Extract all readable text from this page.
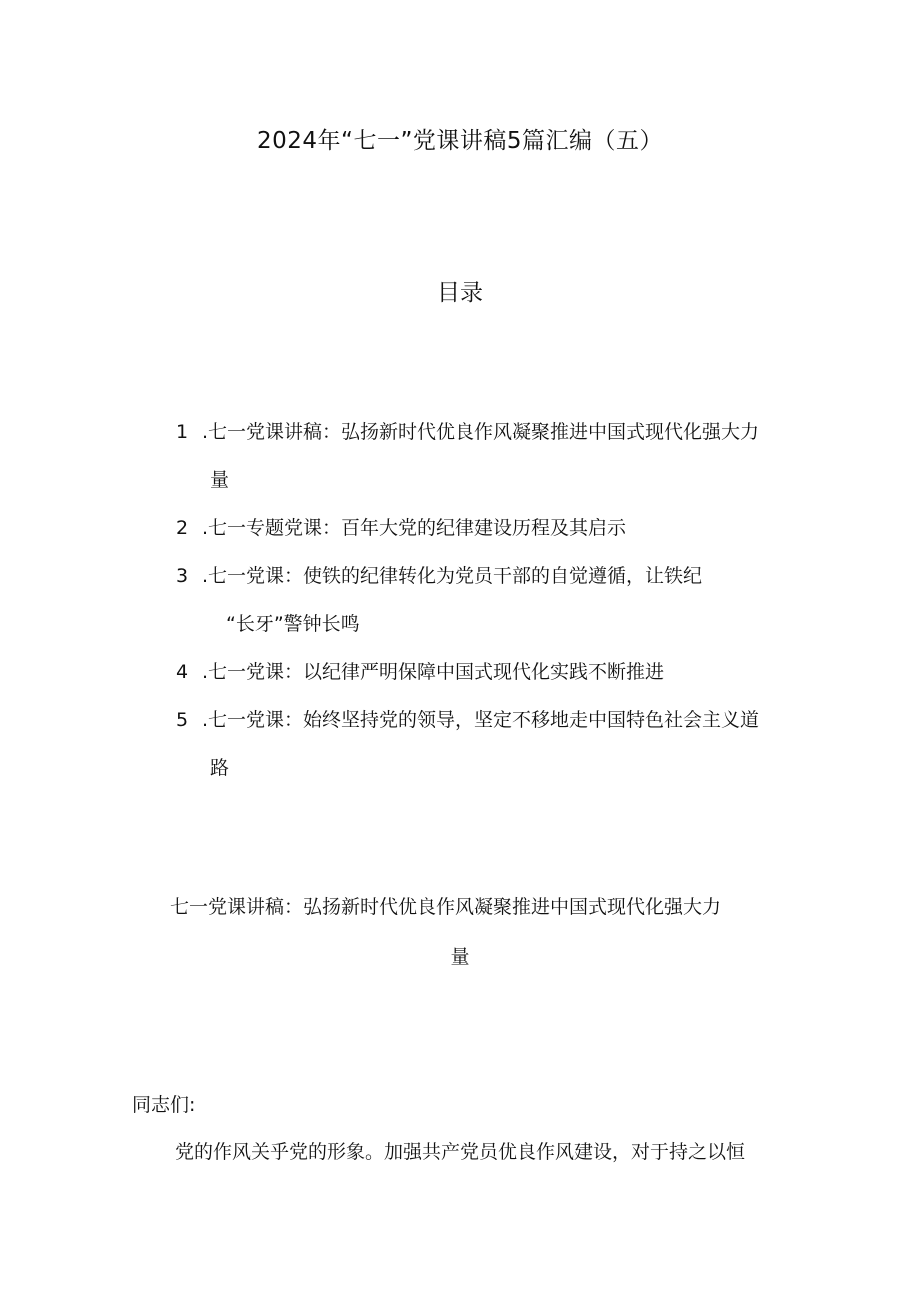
2024年“七一”党课讲稿5篇汇编（五）
目录
1 .七一党课讲稿：弘扬新时代优良作风凝聚推进中国式现代化强大力
量
2 .七一专题党课：百年大党的纪律建设历程及其启示
3 .七一党课：使铁的纪律转化为党员干部的自觉遵循，让铁纪
“长牙”警钟长鸣
4 .七一党课：以纪律严明保障中国式现代化实践不断推进
5 .七一党课：始终坚持党的领导，坚定不移地走中国特色社会主义道
路
七一党课讲稿：弘扬新时代优良作风凝聚推进中国式现代化强大力
量
同志们:
党的作风关乎党的形象。加强共产党员优良作风建设，对于持之以恒
